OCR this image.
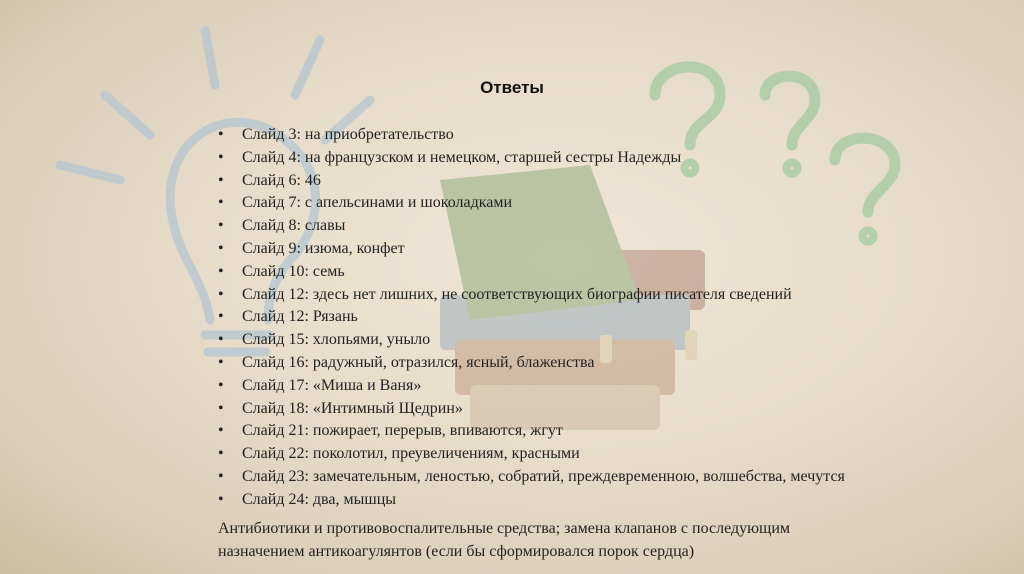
Ответы
• Слайд 3: на приобретательство
• Слайд 4: на французском и немецком, старшей сестры Надежды
• Слайд 6: 46
• Слайд 7: с апельсинами и шоколадками
• Слайд 8: славы
• Слайд 9: изюма, конфет
• Слайд 10: семь
• Слайд 12: здесь нет лишних, не соответствующих биографии писателя сведений
• Слайд 12: Рязань
• Слайд 15: хлопьями, уныло
• Слайд 16: радужный, отразился, ясный, блаженства
• Слайд 17: «Миша и Ваня»
• Слайд 18: «Интимный Щедрин»
• Слайд 21: пожирает, перерыв, впиваются, жгут
• Слайд 22: поколотил, преувеличениям, красными
• Слайд 23: замечательным, леностью, собратий, преждевременною, волшебства, мечутся
• Слайд 24: два, мышцы
Антибиотики и противовоспалительные средства; замена клапанов с последующим
назначением антикоагулянтов (если бы сформировался порок сердца)
